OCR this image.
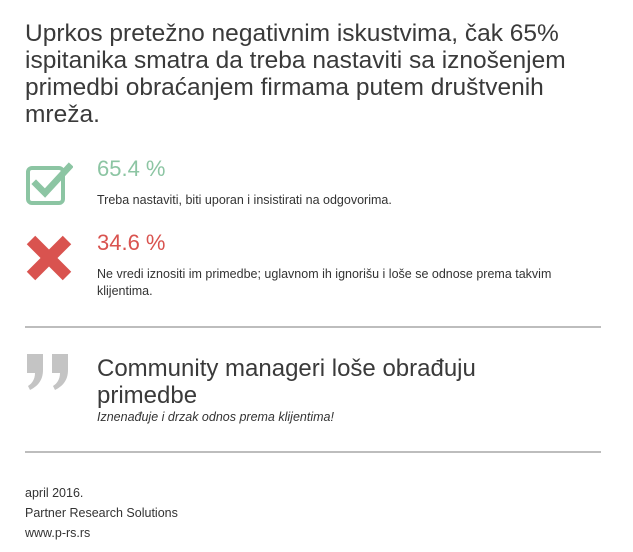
Uprkos pretežno negativnim iskustvima, čak 65% ispitanika smatra da treba nastaviti sa iznošenjem primedbi obraćanjem firmama putem društvenih mreža.
65.4 %
Treba nastaviti, biti uporan i insistirati na odgovorima.
34.6 %
Ne vredi iznositi im primedbe; uglavnom ih ignorišu i loše se odnose prema takvim klijentima.
Community manageri loše obrađuju primedbe
Iznenađuje i drzak odnos prema klijentima!
april 2016.
Partner Research Solutions
www.p-rs.rs
